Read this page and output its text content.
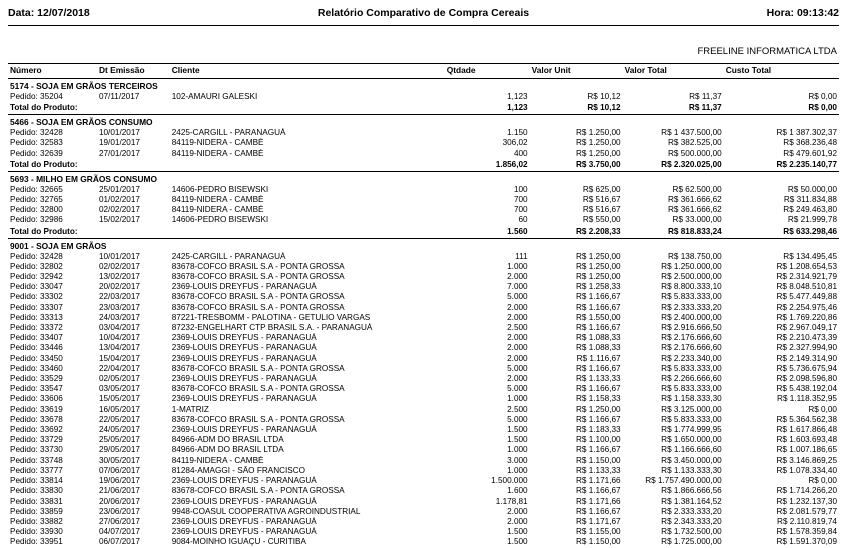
Data: 12/07/2018	Relatório Comparativo de Compra Cereais	Hora: 09:13:42
FREELINE INFORMATICA LTDA
Número	Dt Emissão	Cliente	Qtdade	Valor Unit	Valor Total	Custo Total
5174 - SOJA EM GRÃOS TERCEIROS						
Pedido: 35204	07/11/2017	102-AMAURI GALESKI	1,123	R$ 10,12	R$ 11,37	R$ 0,00
Total do Produto:			1,123	R$ 10,12	R$ 11,37	R$ 0,00
5466 - SOJA EM GRÃOS CONSUMO						
Pedido: 32428	10/01/2017	2425-CARGILL - PARANAGUÁ	1.150	R$ 1.250,00	R$ 1 437.500,00	R$ 1 387.302,37
Pedido: 32583	19/01/2017	84119-NIDERA - CAMBÉ	306,02	R$ 1.250,00	R$ 382.525,00	R$ 368.236,48
Pedido: 32639	27/01/2017	84119-NIDERA - CAMBÉ	400	R$ 1.250,00	R$ 500.000,00	R$ 479.601,92
Total do Produto:			1.856,02	R$ 3.750,00	R$ 2.320.025,00	R$ 2.235.140,77
5693 - MILHO EM GRÃOS CONSUMO						
Pedido: 32665	25/01/2017	14606-PEDRO BISEWSKI	100	R$ 625,00	R$ 62.500,00	R$ 50.000,00
Pedido: 32765	01/02/2017	84119-NIDERA - CAMBÉ	700	R$ 516,67	R$ 361.666,62	R$ 311.834,88
Pedido: 32800	02/02/2017	84119-NIDERA - CAMBÉ	700	R$ 516,67	R$ 361.666,62	R$ 249.463,80
Pedido: 32986	15/02/2017	14606-PEDRO BISEWSKI	60	R$ 550,00	R$ 33.000,00	R$ 21.999,78
Total do Produto:			1.560	R$ 2.208,33	R$ 818.833,24	R$ 633.298,46
9001 - SOJA EM GRÃOS						
Pedido: 32428	10/01/2017	2425-CARGILL - PARANAGUÁ	111	R$ 1.250,00	R$ 138.750,00	R$ 134.495,45
Pedido: 32802	02/02/2017	83678-COFCO BRASIL S.A - PONTA GROSSA	1.000	R$ 1.250,00	R$ 1.250.000,00	R$ 1.208.654,53
Pedido: 32942	13/02/2017	83678-COFCO BRASIL S.A - PONTA GROSSA	2.000	R$ 1.250,00	R$ 2.500.000,00	R$ 2.314.921,79
Pedido: 33047	20/02/2017	2369-LOUIS DREYFUS - PARANAGUÁ	7.000	R$ 1.258,33	R$ 8.800.333,10	R$ 8.048.510,81
Pedido: 33302	22/03/2017	83678-COFCO BRASIL S.A - PONTA GROSSA	5.000	R$ 1.166,67	R$ 5.833.333,00	R$ 5.477.449,88
Pedido: 33307	23/03/2017	83678-COFCO BRASIL S.A - PONTA GROSSA	2.000	R$ 1.166,67	R$ 2.333.333,20	R$ 2.254.975,46
Pedido: 33313	24/03/2017	87221-TRESBOMM - PALOTINA - GETULIO VARGAS	2.000	R$ 1.550,00	R$ 2.400.000,00	R$ 1.769.220,86
Pedido: 33372	03/04/2017	87232-ENGELHART CTP BRASIL S.A. - PARANAGUÁ	2.500	R$ 1.166,67	R$ 2.916.666,50	R$ 2.967.049,17
Pedido: 33407	10/04/2017	2369-LOUIS DREYFUS - PARANAGUÁ	2.000	R$ 1.088,33	R$ 2.176.666,60	R$ 2.210.473,39
Pedido: 33446	13/04/2017	2369-LOUIS DREYFUS - PARANAGUÁ	2.000	R$ 1.088,33	R$ 2.176.666,60	R$ 2.327.994,90
Pedido: 33450	15/04/2017	2369-LOUIS DREYFUS - PARANAGUÁ	2.000	R$ 1.116,67	R$ 2.233.340,00	R$ 2.149.314,90
Pedido: 33460	22/04/2017	83678-COFCO BRASIL S.A - PONTA GROSSA	5.000	R$ 1.166,67	R$ 5.833.333,00	R$ 5.736.675,94
Pedido: 33529	02/05/2017	2369-LOUIS DREYFUS - PARANAGUÁ	2.000	R$ 1.133,33	R$ 2.266.666,60	R$ 2.098.596,80
Pedido: 33547	03/05/2017	83678-COFCO BRASIL S.A - PONTA GROSSA	5.000	R$ 1.166,67	R$ 5.833.333,00	R$ 5.438.192,04
Pedido: 33606	15/05/2017	2369-LOUIS DREYFUS - PARANAGUÁ	1.000	R$ 1.158,33	R$ 1.158.333,30	R$ 1.118.352,95
Pedido: 33619	16/05/2017	1-MATRIZ	2.500	R$ 1.250,00	R$ 3.125.000,00	R$ 0,00
Pedido: 33678	22/05/2017	83678-COFCO BRASIL S.A - PONTA GROSSA	5.000	R$ 1.166,67	R$ 5.833.333,00	R$ 5.364.562,38
Pedido: 33692	24/05/2017	2369-LOUIS DREYFUS - PARANAGUÁ	1.500	R$ 1.183,33	R$ 1.774.999,95	R$ 1.617.866,48
Pedido: 33729	25/05/2017	84966-ADM DO BRASIL LTDA	1.500	R$ 1.100,00	R$ 1.650.000,00	R$ 1.603.693,48
Pedido: 33730	29/05/2017	84966-ADM DO BRASIL LTDA	1.000	R$ 1.166,67	R$ 1.166.666,60	R$ 1.007.186,65
Pedido: 33748	30/05/2017	84119-NIDERA - CAMBÉ	3.000	R$ 1.150,00	R$ 3.450.000,00	R$ 3.146.869,25
Pedido: 33777	07/06/2017	81284-AMAGGI - SÃO FRANCISCO	1.000	R$ 1.133,33	R$ 1.133.333,30	R$ 1.078.334,40
Pedido: 33814	19/06/2017	2369-LOUIS DREYFUS - PARANAGUÁ	1.500.000	R$ 1.171,66	R$ 1.757.490.000,00	R$ 0,00
Pedido: 33830	21/06/2017	83678-COFCO BRASIL S.A - PONTA GROSSA	1.600	R$ 1.166,67	R$ 1.866.666,56	R$ 1.714.266,20
Pedido: 33831	20/06/2017	2369-LOUIS DREYFUS - PARANAGUÁ	1.178,81	R$ 1.171,66	R$ 1.381.164,52	R$ 1.232.137,30
Pedido: 33859	23/06/2017	9948-COASUL COOPERATIVA AGROINDUSTRIAL	2.000	R$ 1.166,67	R$ 2.333.333,20	R$ 2.081.579,77
Pedido: 33882	27/06/2017	2369-LOUIS DREYFUS - PARANAGUÁ	2.000	R$ 1.171,67	R$ 2.343.333,20	R$ 2.110.819,74
Pedido: 33930	04/07/2017	2369-LOUIS DREYFUS - PARANAGUÁ	1.500	R$ 1.155,00	R$ 1.732.500,00	R$ 1.578.359,84
Pedido: 33951	06/07/2017	9084-MOINHO IGUAÇU - CURITIBA	1.500	R$ 1.150,00	R$ 1.725.000,00	R$ 1.591.370,09
